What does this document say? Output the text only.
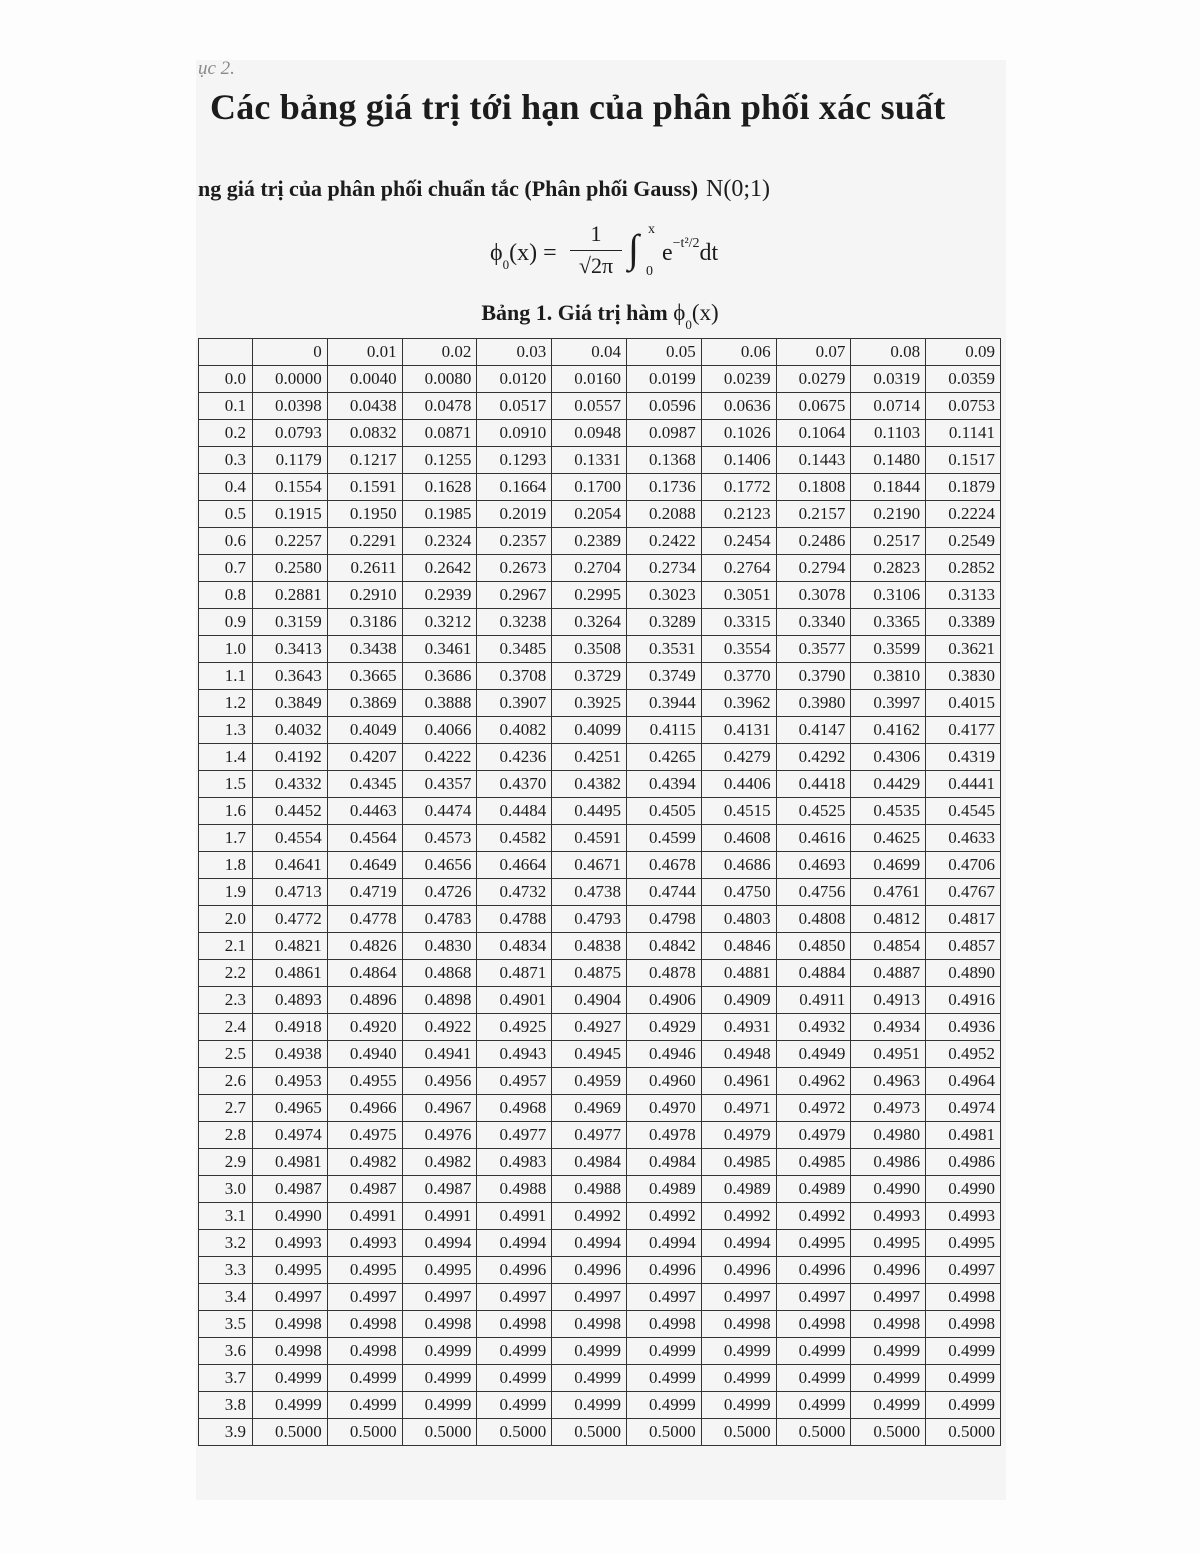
ục 2.
Các bảng giá trị tới hạn của phân phối xác suất
ng giá trị của phân phối chuẩn tắc (Phân phối Gauss) N(0;1)
$\phi_0(x)$ =
1
√2π ∫ x
0
$e^{-t^2/2}dt$
Bảng 1. Giá trị hàm $\phi_0(x)$
	0	0.01	0.02	0.03	0.04	0.05	0.06	0.07	0.08	0.09
0.0	0.0000	0.0040	0.0080	0.0120	0.0160	0.0199	0.0239	0.0279	0.0319	0.0359
0.1	0.0398	0.0438	0.0478	0.0517	0.0557	0.0596	0.0636	0.0675	0.0714	0.0753
0.2	0.0793	0.0832	0.0871	0.0910	0.0948	0.0987	0.1026	0.1064	0.1103	0.1141
0.3	0.1179	0.1217	0.1255	0.1293	0.1331	0.1368	0.1406	0.1443	0.1480	0.1517
0.4	0.1554	0.1591	0.1628	0.1664	0.1700	0.1736	0.1772	0.1808	0.1844	0.1879
0.5	0.1915	0.1950	0.1985	0.2019	0.2054	0.2088	0.2123	0.2157	0.2190	0.2224
0.6	0.2257	0.2291	0.2324	0.2357	0.2389	0.2422	0.2454	0.2486	0.2517	0.2549
0.7	0.2580	0.2611	0.2642	0.2673	0.2704	0.2734	0.2764	0.2794	0.2823	0.2852
0.8	0.2881	0.2910	0.2939	0.2967	0.2995	0.3023	0.3051	0.3078	0.3106	0.3133
0.9	0.3159	0.3186	0.3212	0.3238	0.3264	0.3289	0.3315	0.3340	0.3365	0.3389
1.0	0.3413	0.3438	0.3461	0.3485	0.3508	0.3531	0.3554	0.3577	0.3599	0.3621
1.1	0.3643	0.3665	0.3686	0.3708	0.3729	0.3749	0.3770	0.3790	0.3810	0.3830
1.2	0.3849	0.3869	0.3888	0.3907	0.3925	0.3944	0.3962	0.3980	0.3997	0.4015
1.3	0.4032	0.4049	0.4066	0.4082	0.4099	0.4115	0.4131	0.4147	0.4162	0.4177
1.4	0.4192	0.4207	0.4222	0.4236	0.4251	0.4265	0.4279	0.4292	0.4306	0.4319
1.5	0.4332	0.4345	0.4357	0.4370	0.4382	0.4394	0.4406	0.4418	0.4429	0.4441
1.6	0.4452	0.4463	0.4474	0.4484	0.4495	0.4505	0.4515	0.4525	0.4535	0.4545
1.7	0.4554	0.4564	0.4573	0.4582	0.4591	0.4599	0.4608	0.4616	0.4625	0.4633
1.8	0.4641	0.4649	0.4656	0.4664	0.4671	0.4678	0.4686	0.4693	0.4699	0.4706
1.9	0.4713	0.4719	0.4726	0.4732	0.4738	0.4744	0.4750	0.4756	0.4761	0.4767
2.0	0.4772	0.4778	0.4783	0.4788	0.4793	0.4798	0.4803	0.4808	0.4812	0.4817
2.1	0.4821	0.4826	0.4830	0.4834	0.4838	0.4842	0.4846	0.4850	0.4854	0.4857
2.2	0.4861	0.4864	0.4868	0.4871	0.4875	0.4878	0.4881	0.4884	0.4887	0.4890
2.3	0.4893	0.4896	0.4898	0.4901	0.4904	0.4906	0.4909	0.4911	0.4913	0.4916
2.4	0.4918	0.4920	0.4922	0.4925	0.4927	0.4929	0.4931	0.4932	0.4934	0.4936
2.5	0.4938	0.4940	0.4941	0.4943	0.4945	0.4946	0.4948	0.4949	0.4951	0.4952
2.6	0.4953	0.4955	0.4956	0.4957	0.4959	0.4960	0.4961	0.4962	0.4963	0.4964
2.7	0.4965	0.4966	0.4967	0.4968	0.4969	0.4970	0.4971	0.4972	0.4973	0.4974
2.8	0.4974	0.4975	0.4976	0.4977	0.4977	0.4978	0.4979	0.4979	0.4980	0.4981
2.9	0.4981	0.4982	0.4982	0.4983	0.4984	0.4984	0.4985	0.4985	0.4986	0.4986
3.0	0.4987	0.4987	0.4987	0.4988	0.4988	0.4989	0.4989	0.4989	0.4990	0.4990
3.1	0.4990	0.4991	0.4991	0.4991	0.4992	0.4992	0.4992	0.4992	0.4993	0.4993
3.2	0.4993	0.4993	0.4994	0.4994	0.4994	0.4994	0.4994	0.4995	0.4995	0.4995
3.3	0.4995	0.4995	0.4995	0.4996	0.4996	0.4996	0.4996	0.4996	0.4996	0.4997
3.4	0.4997	0.4997	0.4997	0.4997	0.4997	0.4997	0.4997	0.4997	0.4997	0.4998
3.5	0.4998	0.4998	0.4998	0.4998	0.4998	0.4998	0.4998	0.4998	0.4998	0.4998
3.6	0.4998	0.4998	0.4999	0.4999	0.4999	0.4999	0.4999	0.4999	0.4999	0.4999
3.7	0.4999	0.4999	0.4999	0.4999	0.4999	0.4999	0.4999	0.4999	0.4999	0.4999
3.8	0.4999	0.4999	0.4999	0.4999	0.4999	0.4999	0.4999	0.4999	0.4999	0.4999
3.9	0.5000	0.5000	0.5000	0.5000	0.5000	0.5000	0.5000	0.5000	0.5000	0.5000
